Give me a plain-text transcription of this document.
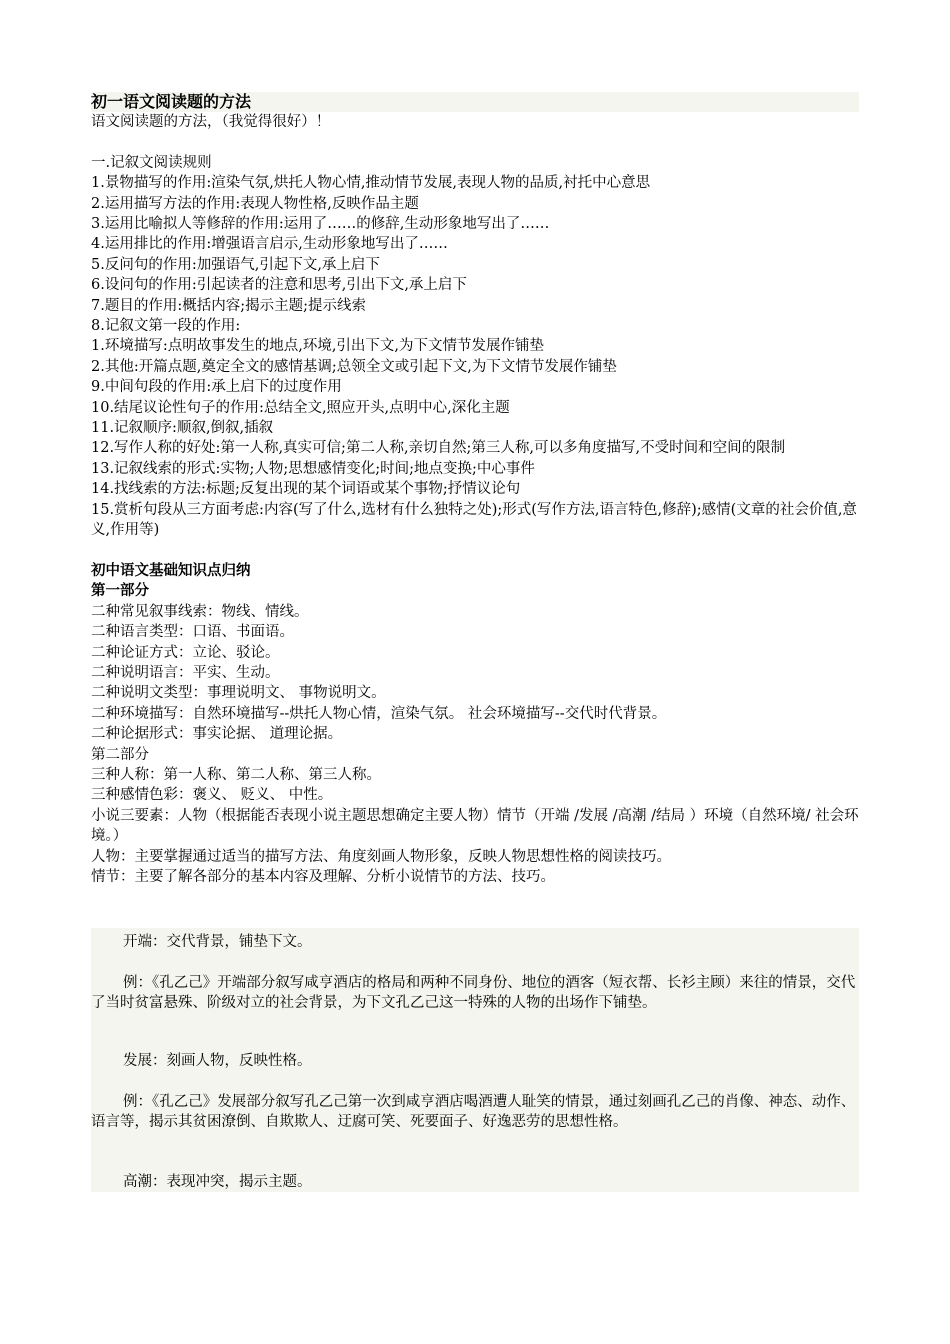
初一语文阅读题的方法

语文阅读题的方法，（我觉得很好）！

一.记叙文阅读规则

1.景物描写的作用:渲染气氛,烘托人物心情,推动情节发展,表现人物的品质,衬托中心意思

2.运用描写方法的作用:表现人物性格,反映作品主题

3.运用比喻拟人等修辞的作用:运用了……的修辞,生动形象地写出了……

4.运用排比的作用:增强语言启示,生动形象地写出了……

5.反问句的作用:加强语气,引起下文,承上启下

6.设问句的作用:引起读者的注意和思考,引出下文,承上启下

7.题目的作用:概括内容;揭示主题;提示线索

8.记叙文第一段的作用:

1.环境描写:点明故事发生的地点,环境,引出下文,为下文情节发展作铺垫

2.其他:开篇点题,奠定全文的感情基调;总领全文或引起下文,为下文情节发展作铺垫

9.中间句段的作用:承上启下的过度作用

10.结尾议论性句子的作用:总结全文,照应开头,点明中心,深化主题

11.记叙顺序:顺叙,倒叙,插叙

12.写作人称的好处:第一人称,真实可信;第二人称,亲切自然;第三人称,可以多角度描写,不受时间和空间的限制

13.记叙线索的形式:实物;人物;思想感情变化;时间;地点变换;中心事件

14.找线索的方法:标题;反复出现的某个词语或某个事物;抒情议论句

15.赏析句段从三方面考虑:内容(写了什么,选材有什么独特之处);形式(写作方法,语言特色,修辞);感情(文章的社会价值,意义,作用等)

初中语文基础知识点归纳

第一部分

二种常见叙事线索：物线、情线。

二种语言类型：口语、书面语。

二种论证方式：立论、驳论。

二种说明语言：平实、生动。

二种说明文类型：事理说明文、 事物说明文。

二种环境描写：自然环境描写--烘托人物心情，渲染气氛。 社会环境描写--交代时代背景。

二种论据形式：事实论据、 道理论据。

第二部分

三种人称：第一人称、第二人称、第三人称。

三种感情色彩：褒义、 贬义、 中性。

小说三要素：人物（根据能否表现小说主题思想确定主要人物）情节（开端 /发展 /高潮 /结局 ）环境（自然环境/ 社会环境。）

人物：主要掌握通过适当的描写方法、角度刻画人物形象，反映人物思想性格的阅读技巧。

情节：主要了解各部分的基本内容及理解、分析小说情节的方法、技巧。

开端：交代背景，铺垫下文。

例：《孔乙己》开端部分叙写咸亨酒店的格局和两种不同身份、地位的酒客（短衣帮、长衫主顾）来往的情景，交代了当时贫富悬殊、阶级对立的社会背景，为下文孔乙己这一特殊的人物的出场作下铺垫。

发展：刻画人物，反映性格。

例：《孔乙己》发展部分叙写孔乙己第一次到咸亨酒店喝酒遭人耻笑的情景，通过刻画孔乙己的肖像、神态、动作、语言等，揭示其贫困潦倒、自欺欺人、迂腐可笑、死要面子、好逸恶劳的思想性格。

高潮：表现冲突，揭示主题。
